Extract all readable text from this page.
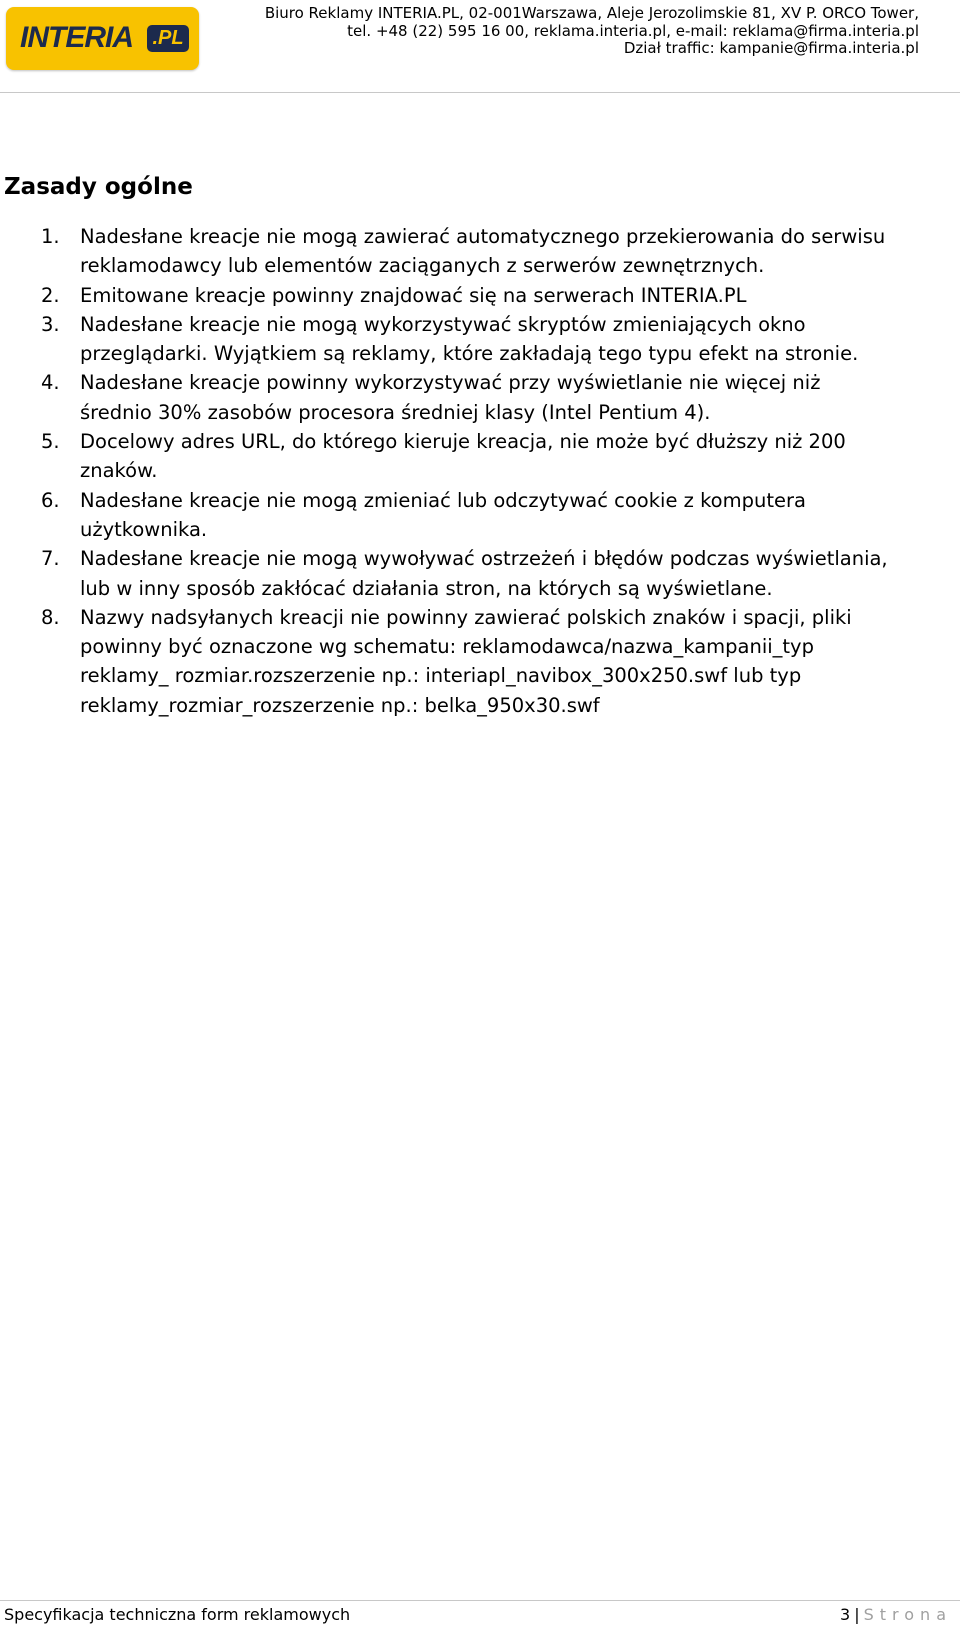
INTERIA .PL
Biuro Reklamy INTERIA.PL, 02-001Warszawa, Aleje Jerozolimskie 81, XV P. ORCO Tower,
tel. +48 (22) 595 16 00, reklama.interia.pl, e-mail: reklama@firma.interia.pl
Dział traffic: kampanie@firma.interia.pl
Zasady ogólne
1. Nadesłane kreacje nie mogą zawierać automatycznego przekierowania do serwisu
reklamodawcy lub elementów zaciąganych z serwerów zewnętrznych.
2. Emitowane kreacje powinny znajdować się na serwerach INTERIA.PL
3. Nadesłane kreacje nie mogą wykorzystywać skryptów zmieniających okno
przeglądarki. Wyjątkiem są reklamy, które zakładają tego typu efekt na stronie.
4. Nadesłane kreacje powinny wykorzystywać przy wyświetlanie nie więcej niż
średnio 30% zasobów procesora średniej klasy (Intel Pentium 4).
5. Docelowy adres URL, do którego kieruje kreacja, nie może być dłuższy niż 200
znaków.
6. Nadesłane kreacje nie mogą zmieniać lub odczytywać cookie z komputera
użytkownika.
7. Nadesłane kreacje nie mogą wywoływać ostrzeżeń i błędów podczas wyświetlania,
lub w inny sposób zakłócać działania stron, na których są wyświetlane.
8. Nazwy nadsyłanych kreacji nie powinny zawierać polskich znaków i spacji, pliki
powinny być oznaczone wg schematu: reklamodawca/nazwa_kampanii_typ
reklamy_ rozmiar.rozszerzenie np.: interiapl_navibox_300x250.swf lub typ
reklamy_rozmiar_rozszerzenie np.: belka_950x30.swf
Specyfikacja techniczna form reklamowych	3 | Strona
